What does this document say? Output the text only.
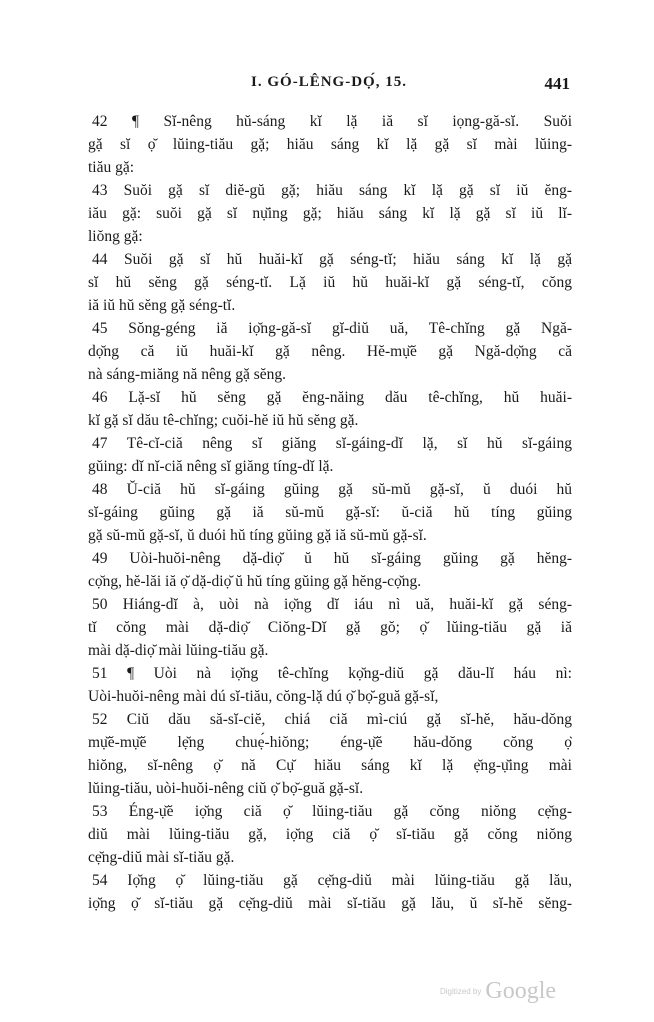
I. GÓ-LÊNG-DỌ́, 15.	441
42 ¶ Sĭ-nêng hŭ-sáng kĭ lặ iă sĭ iọng-gă-sĭ. Suŏi
gặ sĭ ọ̆ lŭing-tiău gặ; hiău sáng kĭ lặ gặ sĭ mài lŭing-
tiău gặ:
43 Suŏi gặ sĭ diĕ-gŭ gặ; hiău sáng kĭ lặ gặ sĭ iŭ ĕng-
iău gặ: suŏi gặ sĭ nụ̆ing gặ; hiău sáng kĭ lặ gặ sĭ iŭ lĭ-
liŏng gặ:
44 Suŏi gặ sĭ hŭ huăi-kĭ gặ séng-tĭ; hiău sáng kĭ lặ gặ
sĭ hŭ sĕng gặ séng-tĭ. Lặ iŭ hŭ huăi-kĭ gặ séng-tĭ, cŏng
iă iŭ hŭ sĕng gặ séng-tĭ.
45 Sŏng-géng iă iọ̆ng-gă-sĭ gĭ-diŭ uă, Tê-chĭng gặ Ngă-
dọ̆ng că iŭ huăi-kĭ gặ nêng. Hĕ-mụ̆ĕ gặ Ngă-dọ̆ng că
nà sáng-miăng nă nêng gặ sĕng.
46 Lặ-sĭ hŭ sĕng gặ ĕng-năing dău tê-chĭng, hŭ huăi-
kĭ gặ sĭ dău tê-chĭng; cuŏi-hĕ iŭ hŭ sĕng gặ.
47 Tê-cĭ-ciă nêng sĭ giăng sĭ-gáing-dĭ lặ, sĭ hŭ sĭ-gáing
gŭing: dĭ nĭ-ciă nêng sĭ giăng tíng-dĭ lặ.
48 Ŭ-ciă hŭ sĭ-gáing gŭing gặ sŭ-mŭ gặ-sĭ, ŭ duói hŭ
sĭ-gáing gŭing gặ iă sŭ-mŭ gặ-sĭ: ŭ-ciă hŭ tíng gŭing
gặ sŭ-mŭ gặ-sĭ, ŭ duói hŭ tíng gŭing gặ iă sŭ-mŭ gặ-sĭ.
49 Uòi-huŏi-nêng dặ-diọ̆ ŭ hŭ sĭ-gáing gŭing gặ hĕng-
cọ̆ng, hĕ-lăi iă ọ̆ dặ-diọ̆ ŭ hŭ tíng gŭing gặ hĕng-cọ̆ng.
50 Hiáng-dĭ à, uòi nà iọ̆ng dĭ iáu nì uă, huăi-kĭ gặ séng-
tĭ cŏng mài dặ-diọ̆ Ciŏng-Dĭ gặ gŏ; ọ̆ lŭing-tiău gặ iă
mài dặ-diọ̆ mài lŭing-tiău gặ.
51 ¶ Uòi nà iọ̆ng tê-chĭng kọ̆ng-diŭ gặ dău-lĭ háu nì:
Uòi-huŏi-nêng mài dú sĭ-tiău, cŏng-lặ dú ọ̆ bọ̆-guă gặ-sĭ,
52 Ciŭ dău să-sĭ-ciĕ, chiá ciă mì-ciú gặ sĭ-hĕ, hău-dŏng
mụ̆ĕ-mụ̆ĕ lẹ̆ng chuẹ́-hiŏng; éng-ụ̆ĕ hău-dŏng cŏng ọ̆
hiŏng, sĭ-nêng ọ̆ nă Cụ̆ hiău sáng kĭ lặ ẹ̆ng-ụ̆ing mài
lŭing-tiău, uòi-huŏi-nêng ciŭ ọ̆ bọ̆-guă gặ-sĭ.
53 Éng-ụ̆ĕ iọ̆ng ciă ọ̆ lŭing-tiău gặ cŏng niŏng cẹ̆ng-
diŭ mài lŭing-tiău gặ, iọ̆ng ciă ọ̆ sĭ-tiău gặ cŏng niŏng
cẹ̆ng-diŭ mài sĭ-tiău gặ.
54 Iọ̆ng ọ̆ lŭing-tiău gặ cẹ̆ng-diŭ mài lŭing-tiău gặ lău,
iọ̆ng ọ̆ sĭ-tiău gặ cẹ̆ng-diŭ mài sĭ-tiău gặ lău, ŭ sĭ-hĕ sĕng-
Digitized by Google
